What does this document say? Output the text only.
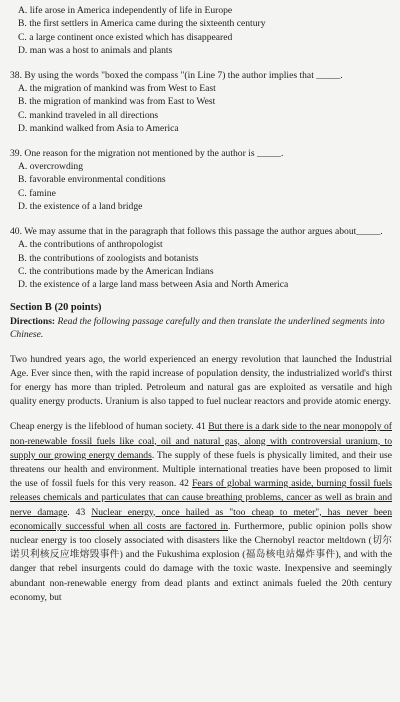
A. life arose in America independently of life in Europe
B. the first settlers in America came during the sixteenth century
C. a large continent once existed which has disappeared
D. man was a host to animals and plants
38. By using the words "boxed the compass "(in Line 7) the author implies that _____.
A. the migration of mankind was from West to East
B. the migration of mankind was from East to West
C. mankind traveled in all directions
D. mankind walked from Asia to America
39. One reason for the migration not mentioned by the author is _____.
A. overcrowding
B. favorable environmental conditions
C. famine
D. the existence of a land bridge
40. We may assume that in the paragraph that follows this passage the author argues about_____.
A. the contributions of anthropologist
B. the contributions of zoologists and botanists
C. the contributions made by the American Indians
D. the existence of a large land mass between Asia and North America
Section B (20 points)
Directions: Read the following passage carefully and then translate the underlined segments into Chinese.

Two hundred years ago, the world experienced an energy revolution that launched the Industrial Age. Ever since then, with the rapid increase of population density, the industrialized world's thirst for energy has more than tripled. Petroleum and natural gas are exploited as versatile and high quality energy products. Uranium is also tapped to fuel nuclear reactors and provide atomic energy.

Cheap energy is the lifeblood of human society. 41 But there is a dark side to the near monopoly of non-renewable fossil fuels like coal, oil and natural gas, along with controversial uranium, to supply our growing energy demands. The supply of these fuels is physically limited, and their use threatens our health and environment. Multiple international treaties have been proposed to limit the use of fossil fuels for this very reason. 42 Fears of global warming aside, burning fossil fuels releases chemicals and particulates that can cause breathing problems, cancer as well as brain and nerve damage. 43 Nuclear energy, once hailed as "too cheap to meter", has never been economically successful when all costs are factored in. Furthermore, public opinion polls show nuclear energy is too closely associated with disasters like the Chernobyl reactor meltdown (切尔诺贝利核反应堆熔毁事件) and the Fukushima explosion (福岛核电站爆炸事件), and with the danger that rebel insurgents could do damage with the toxic waste. Inexpensive and seemingly abundant non-renewable energy from dead plants and extinct animals fueled the 20th century economy, but
